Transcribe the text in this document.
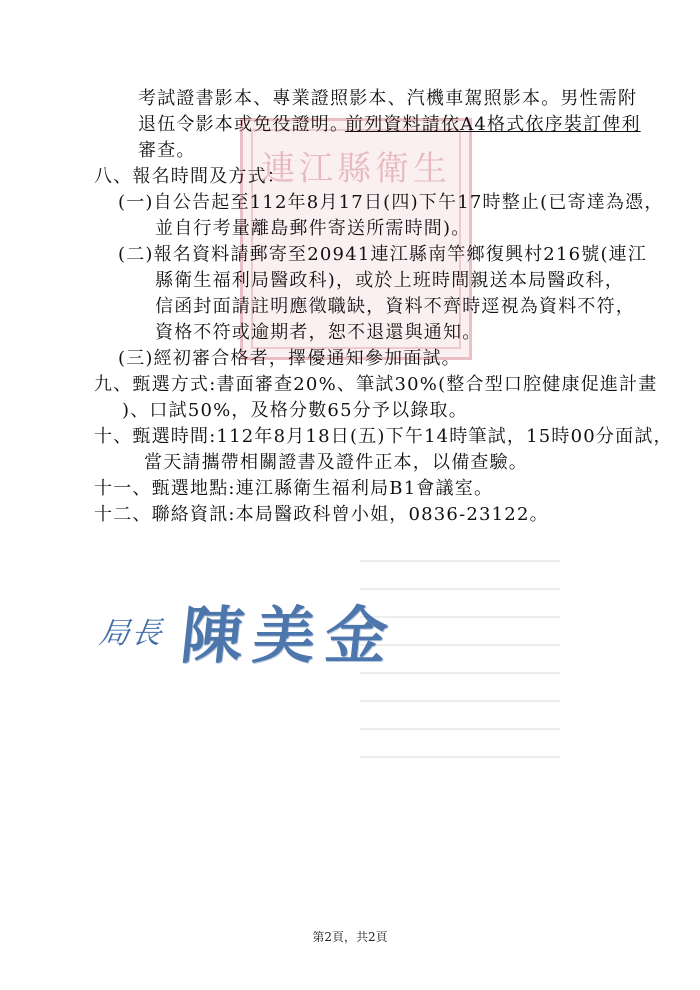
連江縣衛生
考試證書影本、專業證照影本、汽機車駕照影本。男性需附
退伍令影本或免役證明。
前列資料請依A4格式依序裝訂俾利
審查。
八、報名時間及方式：
(一)自公告起至112年8月17日(四)下午17時整止(已寄達為憑，
並自行考量離島郵件寄送所需時間)。
(二)報名資料請郵寄至20941連江縣南竿鄉復興村216號(連江
縣衛生福利局醫政科)，或於上班時間親送本局醫政科，
信函封面請註明應徵職缺，資料不齊時逕視為資料不符，
資格不符或逾期者，恕不退還與通知。
(三)經初審合格者，擇優通知參加面試。
九、甄選方式:書面審查20%、筆試30%(整合型口腔健康促進計畫
)、口試50%，及格分數65分予以錄取。
十、甄選時間:112年8月18日(五)下午14時筆試，15時00分面試，
當天請攜帶相關證書及證件正本，以備查驗。
十一、甄選地點:連江縣衛生福利局B1會議室。
十二、聯絡資訊:本局醫政科曾小姐，0836-23122。
局長 陳美金
第2頁，共2頁
